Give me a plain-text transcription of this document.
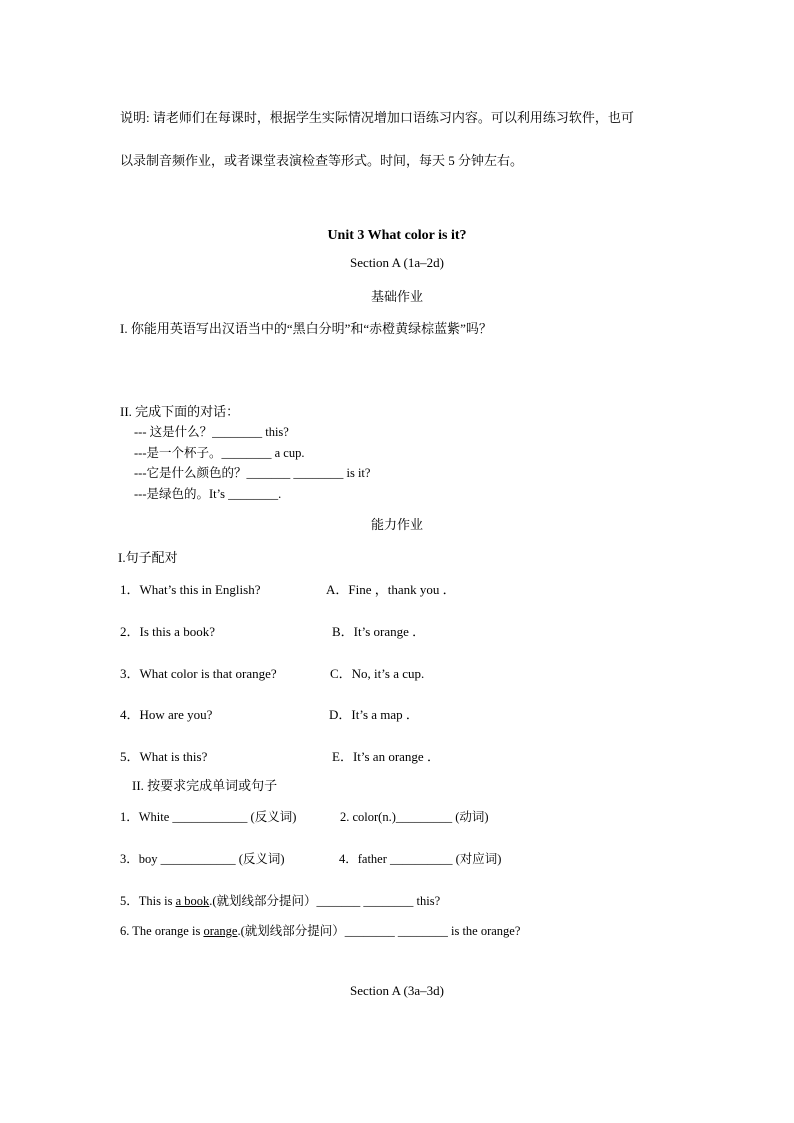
说明: 请老师们在每课时，根据学生实际情况增加口语练习内容。可以利用练习软件，也可
以录制音频作业，或者课堂表演检查等形式。时间，每天 5 分钟左右。
Unit 3 What color is it?
Section A (1a–2d)
基础作业
I. 你能用英语写出汉语当中的“黑白分明”和“赤橙黄绿棕蓝紫”吗？
II. 完成下面的对话：
--- 这是什么？________ this?
---是一个杯子。________ a cup.
---它是什么颜色的？_______ ________ is it?
---是绿色的。It’s ________.
能力作业
I.句子配对
1．What’s this in English?	A．Fine ，thank you ．
2．Is this a book?	B．It’s orange ．
3．What color is that orange?	C．No, it’s a cup.
4．How are you?	D．It’s a map ．
5．What is this?	E．It’s an orange ．
II. 按要求完成单词或句子
1．White ____________ (反义词)	2. color(n.)_________ (动词)
3．boy ____________ (反义词)	4．father __________ (对应词)
5．This is a book.(就划线部分提问）_______ ________ this?
6. The orange is orange.(就划线部分提问）________ ________ is the orange?
Section A (3a–3d)
